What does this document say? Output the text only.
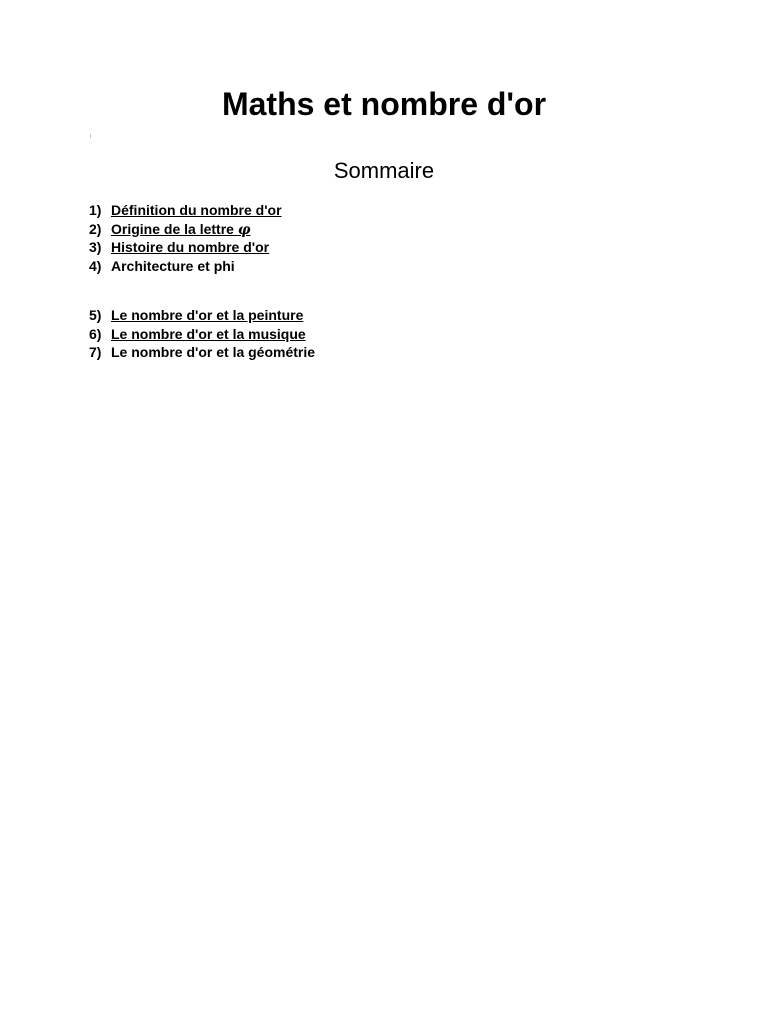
Maths et nombre d'or
Sommaire
1) Définition du nombre d'or
2) Origine de la lettre φ
3) Histoire du nombre d'or
4) Architecture et phi
5) Le nombre d'or et la peinture
6) Le nombre d'or et la musique
7) Le nombre d'or et la géométrie
